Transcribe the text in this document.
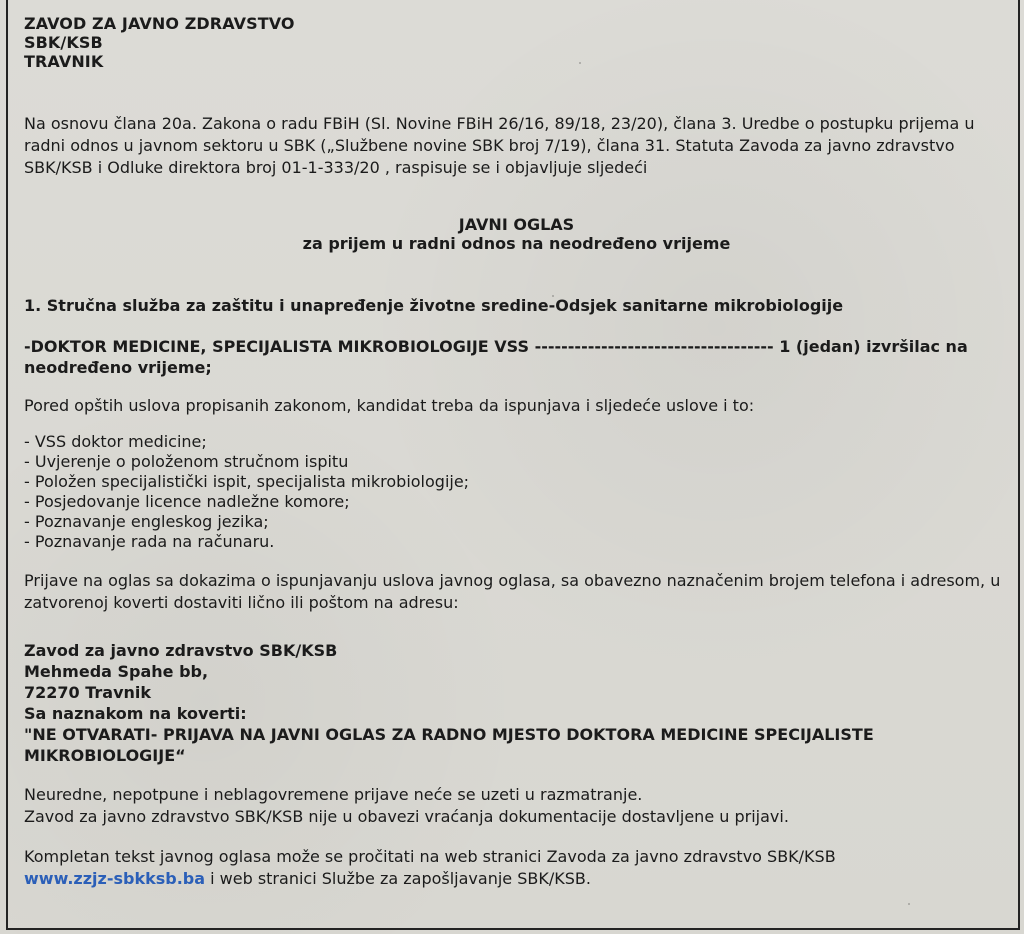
ZAVOD ZA JAVNO ZDRAVSTVO
SBK/KSB
TRAVNIK
Na osnovu člana 20a. Zakona o radu FBiH (Sl. Novine FBiH 26/16, 89/18, 23/20), člana 3. Uredbe o postupku prijema u radni odnos u javnom sektoru u SBK („Službene novine SBK broj 7/19), člana 31. Statuta Zavoda za javno zdravstvo SBK/KSB i Odluke direktora broj 01-1-333/20 , raspisuje se i objavljuje sljedeći
JAVNI OGLAS
za prijem u radni odnos na neodređeno vrijeme
1. Stručna služba za zaštitu i unapređenje životne sredine-Odsjek sanitarne mikrobiologije
-DOKTOR MEDICINE, SPECIJALISTA MIKROBIOLOGIJE VSS ------------------------------------ 1 (jedan) izvršilac na neodređeno vrijeme;
Pored opštih uslova propisanih zakonom, kandidat treba da ispunjava i sljedeće uslove i to:
- VSS doktor medicine;
- Uvjerenje o položenom stručnom ispitu
- Položen specijalistički ispit, specijalista mikrobiologije;
- Posjedovanje licence nadležne komore;
- Poznavanje engleskog jezika;
- Poznavanje rada na računaru.
Prijave na oglas sa dokazima o ispunjavanju uslova javnog oglasa, sa obavezno naznačenim brojem telefona i adresom, u zatvorenoj koverti dostaviti lično ili poštom na adresu:
Zavod za javno zdravstvo SBK/KSB
Mehmeda Spahe bb,
72270 Travnik
Sa naznakom na koverti:
"NE OTVARATI- PRIJAVA NA JAVNI OGLAS ZA RADNO MJESTO DOKTORA MEDICINE SPECIJALISTE MIKROBIOLOGIJE“
Neuredne, nepotpune i neblagovremene prijave neće se uzeti u razmatranje.
Zavod za javno zdravstvo SBK/KSB nije u obavezi vraćanja dokumentacije dostavljene u prijavi.
Kompletan tekst javnog oglasa može se pročitati na web stranici Zavoda za javno zdravstvo SBK/KSB
www.zzjz-sbkksb.ba i web stranici Službe za zapošljavanje SBK/KSB.
